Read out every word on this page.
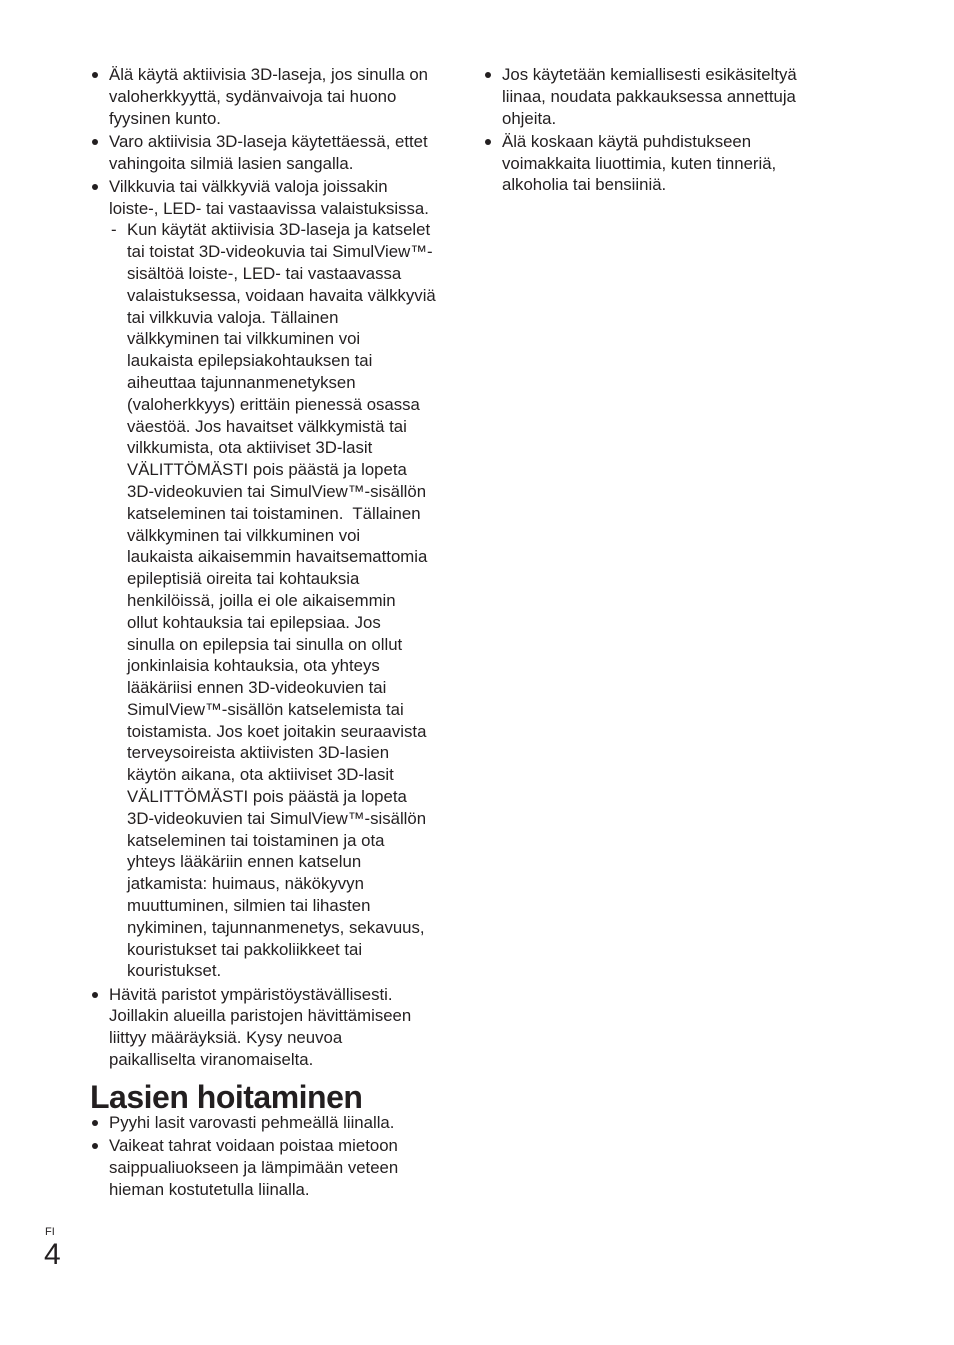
Älä käytä aktiivisia 3D-laseja, jos sinulla on
valoherkkyyttä, sydänvaivoja tai huono
fyysinen kunto.
Varo aktiivisia 3D-laseja käytettäessä, ettet
vahingoita silmiä lasien sangalla.
Vilkkuvia tai välkkyviä valoja joissakin
loiste-, LED- tai vastaavissa valaistuksissa.
- Kun käytät aktiivisia 3D-laseja ja katselet
tai toistat 3D-videokuvia tai SimulView™-
sisältöä loiste-, LED- tai vastaavassa
valaistuksessa, voidaan havaita välkkyviä
tai vilkkuvia valoja. Tällainen
välkkyminen tai vilkkuminen voi
laukaista epilepsiakohtauksen tai
aiheuttaa tajunnanmenetyksen
(valoherkkyys) erittäin pienessä osassa
väestöä. Jos havaitset välkkymistä tai
vilkkumista, ota aktiiviset 3D-lasit
VÄLITTÖMÄSTI pois päästä ja lopeta
3D-videokuvien tai SimulView™-sisällön
katseleminen tai toistaminen.  Tällainen
välkkyminen tai vilkkuminen voi
laukaista aikaisemmin havaitsemattomia
epileptisiä oireita tai kohtauksia
henkilöissä, joilla ei ole aikaisemmin
ollut kohtauksia tai epilepsiaa. Jos
sinulla on epilepsia tai sinulla on ollut
jonkinlaisia kohtauksia, ota yhteys
lääkäriisi ennen 3D-videokuvien tai
SimulView™-sisällön katselemista tai
toistamista. Jos koet joitakin seuraavista
terveysoireista aktiivisten 3D-lasien
käytön aikana, ota aktiiviset 3D-lasit
VÄLITTÖMÄSTI pois päästä ja lopeta
3D-videokuvien tai SimulView™-sisällön
katseleminen tai toistaminen ja ota
yhteys lääkäriin ennen katselun
jatkamista: huimaus, näkökyvyn
muuttuminen, silmien tai lihasten
nykiminen, tajunnanmenetys, sekavuus,
kouristukset tai pakkoliikkeet tai
kouristukset.
Hävitä paristot ympäristöystävällisesti.
Joillakin alueilla paristojen hävittämiseen
liittyy määräyksiä. Kysy neuvoa
paikalliselta viranomaiselta.
Lasien hoitaminen
Pyyhi lasit varovasti pehmeällä liinalla.
Vaikeat tahrat voidaan poistaa mietoon
saippualiuokseen ja lämpimään veteen
hieman kostutetulla liinalla.
Jos käytetään kemiallisesti esikäsiteltyä
liinaa, noudata pakkauksessa annettuja
ohjeita.
Älä koskaan käytä puhdistukseen
voimakkaita liuottimia, kuten tinneriä,
alkoholia tai bensiiniä.
FI
4
